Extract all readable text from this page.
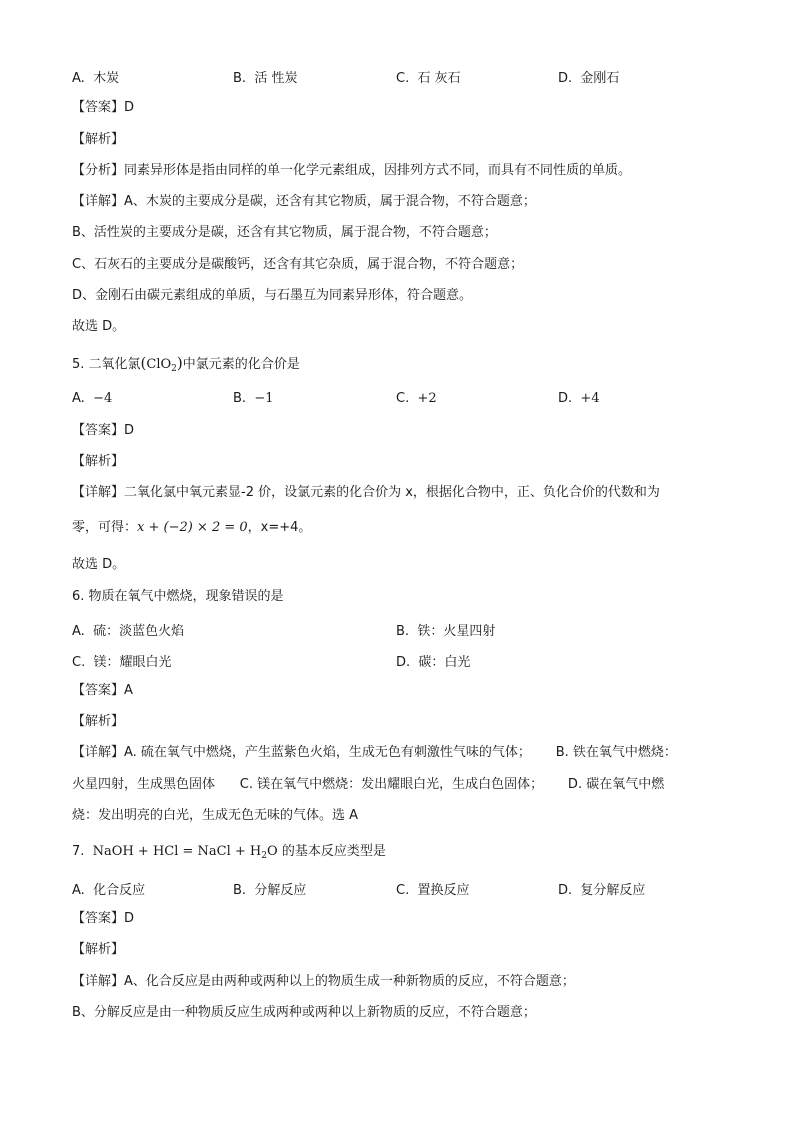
A. 木炭	B. 活 性炭	C. 石 灰石	D. 金刚石
【答案】D
【解析】
【分析】同素异形体是指由同样的单一化学元素组成，因排列方式不同，而具有不同性质的单质。
【详解】A、木炭的主要成分是碳，还含有其它物质，属于混合物，不符合题意；
B、活性炭的主要成分是碳，还含有其它物质，属于混合物，不符合题意；
C、石灰石的主要成分是碳酸钙，还含有其它杂质，属于混合物，不符合题意；
D、金刚石由碳元素组成的单质，与石墨互为同素异形体，符合题意。
故选 D。
5. 二氧化氯(ClO$_2$)中氯元素的化合价是
A. −4	B. −1	C. +2	D. +4
【答案】D
【解析】
【详解】二氧化氯中氧元素显-2 价，设氯元素的化合价为 x，根据化合物中，正、负化合价的代数和为
零，可得：x + (−2) × 2 = 0，x=+4。
故选 D。
6. 物质在氧气中燃烧，现象错误的是
A. 硫：淡蓝色火焰	B. 铁：火星四射
C. 镁：耀眼白光	D. 碳：白光
【答案】A
【解析】
【详解】A. 硫在氧气中燃烧，产生蓝紫色火焰，生成无色有刺激性气味的气体；      B. 铁在氧气中燃烧：
火星四射，生成黑色固体      C. 镁在氧气中燃烧：发出耀眼白光，生成白色固体；      D. 碳在氧气中燃
烧：发出明亮的白光，生成无色无味的气体。选 A
7.  NaOH + HCl = NaCl + $H_2O$ 的基本反应类型是
A. 化合反应	B. 分解反应	C. 置换反应	D. 复分解反应
【答案】D
【解析】
【详解】A、化合反应是由两种或两种以上的物质生成一种新物质的反应，不符合题意；
B、分解反应是由一种物质反应生成两种或两种以上新物质的反应，不符合题意；
